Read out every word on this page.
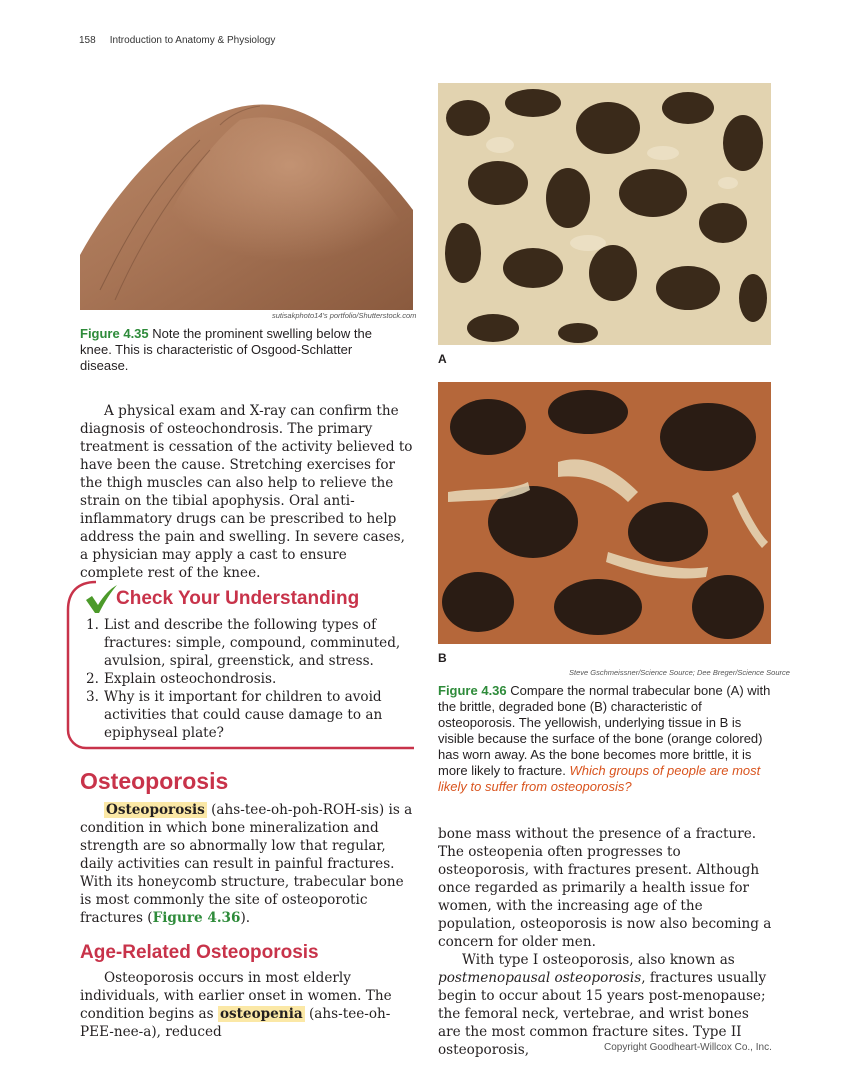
158 Introduction to Anatomy & Physiology
sutisakphoto14's portfolio/Shutterstock.com
Figure 4.35 Note the prominent swelling below the knee. This is characteristic of Osgood-Schlatter disease.

A physical exam and X-ray can confirm the diagnosis of osteochondrosis. The primary treatment is cessation of the activity believed to have been the cause. Stretching exercises for the thigh muscles can also help to relieve the strain on the tibial apophysis. Oral anti-inflammatory drugs can be prescribed to help address the pain and swelling. In severe cases, a physician may apply a cast to ensure complete rest of the knee.

Check Your Understanding
1. List and describe the following types of fractures: simple, compound, comminuted, avulsion, spiral, greenstick, and stress.
2. Explain osteochondrosis.
3. Why is it important for children to avoid activities that could cause damage to an epiphyseal plate?
Osteoporosis

Osteoporosis (ahs-tee-oh-poh-ROH-sis) is a condition in which bone mineralization and strength are so abnormally low that regular, daily activities can result in painful fractures. With its honeycomb structure, trabecular bone is most commonly the site of osteoporotic fractures (Figure 4.36).

Age-Related Osteoporosis

Osteoporosis occurs in most elderly individuals, with earlier onset in women. The condition begins as osteopenia (ahs-tee-oh-PEE-nee-a), reduced

A
B
Steve Gschmeissner/Science Source; Dee Breger/Science Source
Figure 4.36 Compare the normal trabecular bone (A) with the brittle, degraded bone (B) characteristic of osteoporosis. The yellowish, underlying tissue in B is visible because the surface of the bone (orange colored) has worn away. As the bone becomes more brittle, it is more likely to fracture. Which groups of people are most likely to suffer from osteoporosis?

bone mass without the presence of a fracture. The osteopenia often progresses to osteoporosis, with fractures present. Although once regarded as primarily a health issue for women, with the increasing age of the population, osteoporosis is now also becoming a concern for older men.

With type I osteoporosis, also known as postmenopausal osteoporosis, fractures usually begin to occur about 15 years post-menopause; the femoral neck, vertebrae, and wrist bones are the most common fracture sites. Type II osteoporosis,	Copyright Goodheart-Willcox Co., Inc.
